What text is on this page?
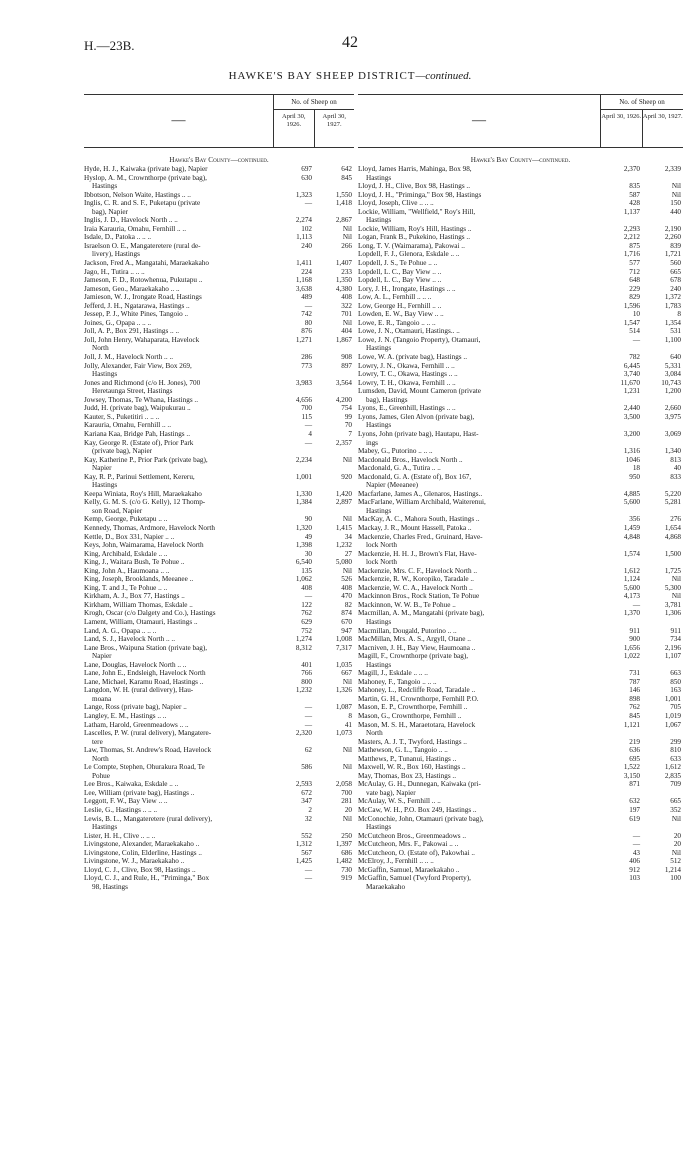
H.—23B.	42
HAWKE'S BAY SHEEP DISTRICT—continued.
—
No. of Sheep on
April 30, 1926.
April 30, 1927.
Hawke's Bay County—continued.
Hyde, H. J., Kaiwaka (private bag), Napier	697	642
Hyslop, A. M., Crownthorpe (private bag),
Hastings
630	845
Ibbotson, Nelson Waite, Hastings .. ..	1,323	1,550
Inglis, C. R. and S. F., Puketapu (private
bag), Napier
—	1,418
Inglis, J. D., Havelock North .. ..	2,274	2,867
Iraia Karauria, Omahu, Fernhill .. ..	102	Nil
Isdale, D., Patoka .. .. ..	1,113	Nil
Israelson O. E., Mangateretere (rural de-
livery), Hastings
240	266
Jackson, Fred A., Mangatahi, Maraekakaho	1,411	1,407
Jago, H., Tutira .. .. ..	224	233
Jameson, F. D., Rotowhenua, Pukutapu ..	1,168	1,350
Jameson, Geo., Maraekakaho .. ..	3,638	4,380
Jamieson, W. J., Irongate Road, Hastings	489	408
Jefferd, J. H., Ngatarawa, Hastings ..	—	322
Jessep, P. J., White Pines, Tangoio ..	742	701
Joines, G., Opapa .. .. ..	80	Nil
Joll, A. P., Box 291, Hastings .. ..	876	404
Joll, John Henry, Wahaparata, Havelock
North
1,271	1,867
Joll, J. M., Havelock North .. ..	286	908
Jolly, Alexander, Fair View, Box 269,
Hastings
773	897
Jones and Richmond (c/o H. Jones), 700
Heretaunga Street, Hastings
3,983	3,564
Jowsey, Thomas, Te Whana, Hastings ..	4,656	4,200
Judd, H. (private bag), Waipukurau ..	700	754
Kauter, S., Puketitiri .. .. ..	115	99
Karauria, Omahu, Fernhill .. ..	—	70
Kariana Kaa, Bridge Pah, Hastings ..	4	7
Kay, George R. (Estate of), Prior Park
(private bag), Napier
—	2,357
Kay, Katherine P., Prior Park (private bag),
Napier
2,234	Nil
Kay, R. P., Parinui Settlement, Kereru,
Hastings
1,001	920
Keepa Winiata, Roy's Hill, Maraekakaho	1,330	1,420
Kelly, G. M. S. (c/o G. Kelly), 12 Thomp-
son Road, Napier
1,384	2,897
Kemp, George, Puketapu .. ..	90	Nil
Kennedy, Thomas, Ardmore, Havelock North	1,320	1,415
Kettle, D., Box 331, Napier .. ..	49	34
Keys, John, Waimarama, Havelock North	1,398	1,232
King, Archibald, Eskdale .. ..	30	27
King, J., Waitara Bush, Te Pohue ..	6,540	5,080
King, John A., Haumoana .. ..	135	Nil
King, Joseph, Brooklands, Meeanee ..	1,062	526
King, T. and J., Te Pohue .. ..	408	408
Kirkham, A. J., Box 77, Hastings ..	—	470
Kirkham, William Thomas, Eskdale ..	122	82
Krogh, Oscar (c/o Dalgety and Co.), Hastings	762	874
Lament, William, Otamauri, Hastings ..	629	670
Land, A. G., Opapa .. .. ..	752	947
Land, S. J., Havelock North .. ..	1,274	1,008
Lane Bros., Waipuna Station (private bag),
Napier
8,312	7,317
Lane, Douglas, Havelock North .. ..	401	1,035
Lane, John E., Endsleigh, Havelock North	766	667
Lane, Michael, Karamu Road, Hastings ..	800	Nil
Langdon, W. H. (rural delivery), Hau-
moana
1,232	1,326
Lange, Ross (private bag), Napier ..	—	1,087
Langley, E. M., Hastings .. ..	—	8
Latham, Harold, Greenmeadows .. ..	—	41
Lascelles, P. W. (rural delivery), Mangatere-
tere
2,320	1,073
Law, Thomas, St. Andrew's Road, Havelock
North
62	Nil
Le Compte, Stephen, Ohurakura Road, Te
Pohue
586	Nil
Lee Bros., Kaiwaka, Eskdale .. ..	2,593	2,058
Lee, William (private bag), Hastings ..	672	700
Leggott, F. W., Bay View .. ..	347	281
Leslie, G., Hastings .. .. ..	2	20
Lewis, B. L., Mangateretere (rural delivery),
Hastings
32	Nil
Lister, H. H., Clive .. .. ..	552	250
Livingstone, Alexander, Maraekakaho ..	1,312	1,397
Livingstone, Colin, Elderline, Hastings ..	567	686
Livingstone, W. J., Maraekakaho ..	1,425	1,482
Lloyd, C. J., Clive, Box 98, Hastings ..	—	730
Lloyd, C. J., and Rule, H., "Priminga," Box
98, Hastings
—	919
—
No. of Sheep on
April 30, 1926. April 30, 1927.
Hawke's Bay County—continued.
Lloyd, James Harris, Mahinga, Box 98,
Hastings
2,370	2,339
Lloyd, J. H., Clive, Box 98, Hastings ..	835	Nil
Lloyd, J. H., "Priminga," Box 98, Hastings	587	Nil
Lloyd, Joseph, Clive .. .. ..	428	150
Lockie, William, "Wellfield," Roy's Hill,
Hastings
1,137	440
Lockie, William, Roy's Hill, Hastings ..	2,293	2,190
Logan, Frank B., Pukekino, Hastings ..	2,212	2,260
Long, T. V. (Waimarama), Pakowai ..	875	839
Lopdell, F. J., Glenora, Eskdale .. ..	1,716	1,721
Lopdell, J. S., Te Pohue .. ..	577	560
Lopdell, L. C., Bay View .. ..	712	665
Lopdell, L. C., Bay View .. ..	648	678
Lory, J. H., Irongate, Hastings .. ..	229	240
Low, A. L., Fernhill .. .. ..	829	1,372
Low, George H., Fernhill .. ..	1,596	1,783
Lowden, E. W., Bay View .. ..	10	8
Lowe, E. R., Tangoio .. .. ..	1,547	1,354
Lowe, J. N., Otamauri, Hastings.. ..	514	531
Lowe, J. N. (Tangoio Property), Otamauri,
Hastings
—	1,100
Lowe, W. A. (private bag), Hastings ..	782	640
Lowry, J. N., Okawa, Fernhill .. ..	6,445	5,331
Lowry, T. C., Okawa, Hastings .. ..	3,740	3,084
Lowry, T. H., Okawa, Fernhill .. ..	11,670	10,743
Lumsden, David, Mount Cameron (private
bag), Hastings
1,231	1,200
Lyons, E., Greenhill, Hastings .. ..	2,440	2,660
Lyons, James, Glen Alvon (private bag),
Hastings
3,500	3,975
Lyons, John (private bag), Hautapu, Hast-
ings
3,200	3,069
Mabey, G., Putorino .. .. ..	1,316	1,340
Macdonald Bros., Havelock North ..	1046	813
Macdonald, G. A., Tutira .. ..	18	40
Macdonald, G. A. (Estate of), Box 167,
Napier (Meeanee)
950	833
Macfarlane, James A., Glenaros, Hastings..	4,885	5,220
MacFarlane, William Archibald, Waiterenui,
Hastings
5,600	5,281
MacKay, A. C., Mahora South, Hastings ..	356	276
Mackay, J. R., Mount Hassell, Patoka ..	1,459	1,654
Mackenzie, Charles Fred., Gruinard, Have-
lock North
4,848	4,868
Mackenzie, H. H. J., Brown's Flat, Have-
lock North
1,574	1,500
Mackenzie, Mrs. C. F., Havelock North ..	1,612	1,725
Mackenzie, R. W., Koropiko, Taradale ..	1,124	Nil
Mackenzie, W. C. A., Havelock North ..	5,600	5,300
Mackinnon Bros., Rock Station, Te Pohue	4,173	Nil
Mackinnon, W. W. B., Te Pohue ..	—	3,781
Macmillan, A. M., Mangatahi (private bag),
Hastings
1,370	1,306
Macmillan, Dougald, Putorino .. ..	911	911
MacMillan, Mrs. A. S., Argyll, Otane ..	900	734
Macniven, J. H., Bay View, Haumoana ..	1,656	2,196
Magill, F., Crownthorpe (private bag),
Hastings
1,022	1,107
Magill, J., Eskdale .. .. ..	731	663
Mahoney, F., Tangoio .. .. ..	787	850
Mahoney, L., Redcliffe Road, Taradale ..	146	163
Martin, G. H., Crownthorpe, Fernhill P.O.	898	1,001
Mason, E. P., Crownthorpe, Fernhill ..	762	705
Mason, G., Crownthorpe, Fernhill ..	845	1,019
Mason, M. S. H., Maraetotara, Havelock
North
1,121	1,067
Masters, A. J. T., Twyford, Hastings ..	219	299
Mathewson, G. L., Tangoio .. ..	636	810
Matthews, P., Tunanui, Hastings ..	695	633
Maxwell, W. R., Box 160, Hastings ..	1,522	1,612
May, Thomas, Box 23, Hastings ..	3,150	2,835
McAulay, G. H., Dunnegan, Kaiwaka (pri-
vate bag), Napier
871	709
McAulay, W. S., Fernhill .. ..	632	665
McCaw, W. H., P.O. Box 249, Hastings ..	197	352
McConochie, John, Otamauri (private bag),
Hastings
619	Nil
McCutcheon Bros., Greenmeadows ..	—	20
McCutcheon, Mrs. F., Pakowai .. ..	—	20
McCutcheon, O. (Estate of), Pakowhai ..	43	Nil
McElroy, J., Fernhill .. .. ..	406	512
McGaffin, Samuel, Maraekakaho ..	912	1,214
McGaffin, Samuel (Twyford Property),
Maraekakaho
103	100
